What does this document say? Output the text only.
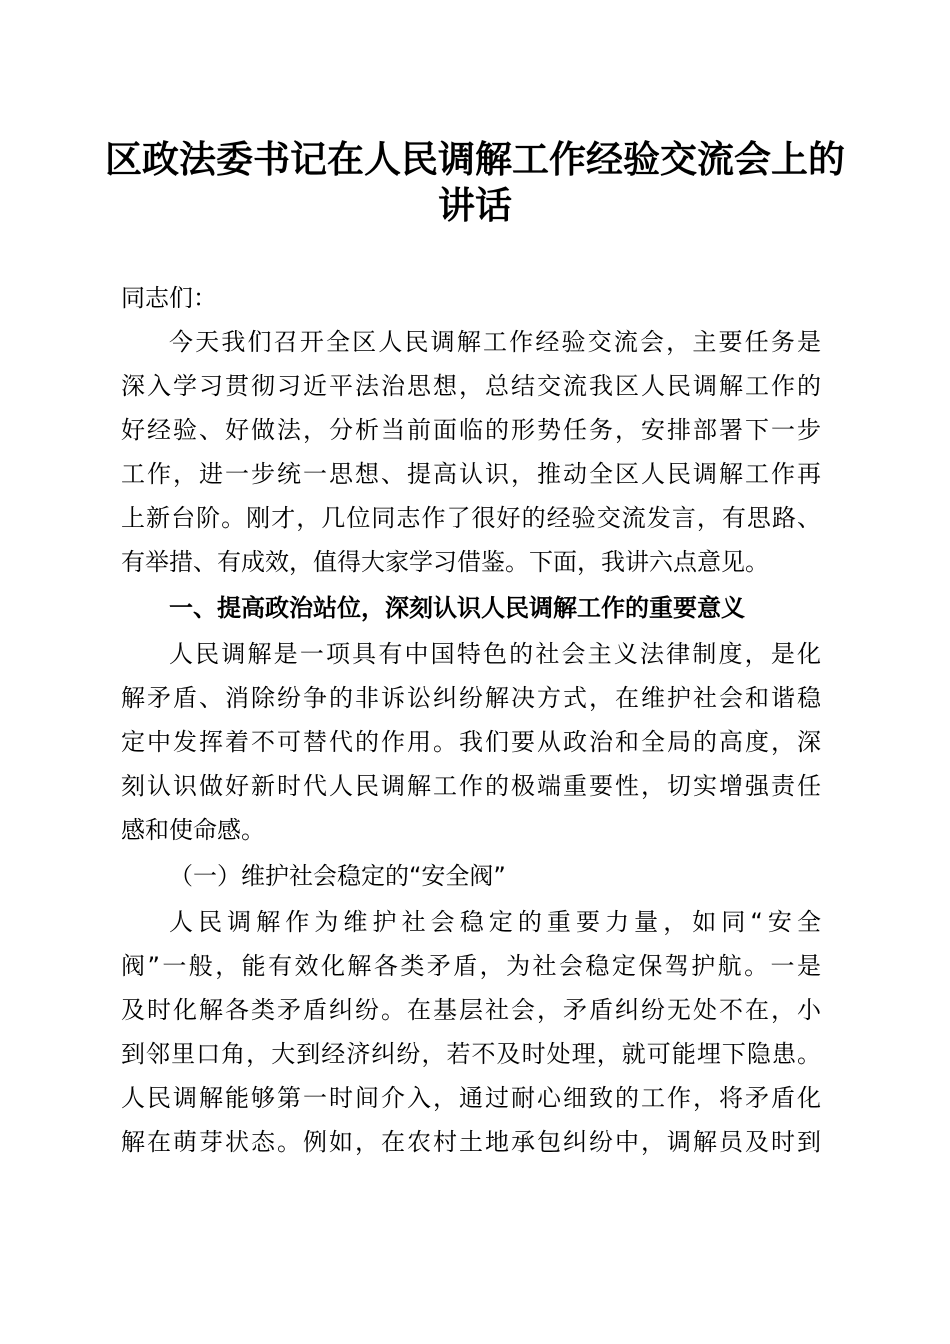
区政法委书记在人民调解工作经验交流会上的
讲话
同志们：
今天我们召开全区人民调解工作经验交流会，主要任务是
深入学习贯彻习近平法治思想，总结交流我区人民调解工作的
好经验、好做法，分析当前面临的形势任务，安排部署下一步
工作，进一步统一思想、提高认识，推动全区人民调解工作再
上新台阶。刚才，几位同志作了很好的经验交流发言，有思路、
有举措、有成效，值得大家学习借鉴。下面，我讲六点意见。
一、提高政治站位，深刻认识人民调解工作的重要意义
人民调解是一项具有中国特色的社会主义法律制度，是化
解矛盾、消除纷争的非诉讼纠纷解决方式，在维护社会和谐稳
定中发挥着不可替代的作用。我们要从政治和全局的高度，深
刻认识做好新时代人民调解工作的极端重要性，切实增强责任
感和使命感。
（一）维护社会稳定的“安全阀”
人民调解作为维护社会稳定的重要力量，如同“安全
阀”一般，能有效化解各类矛盾，为社会稳定保驾护航。一是
及时化解各类矛盾纠纷。在基层社会，矛盾纠纷无处不在，小
到邻里口角，大到经济纠纷，若不及时处理，就可能埋下隐患。
人民调解能够第一时间介入，通过耐心细致的工作，将矛盾化
解在萌芽状态。例如，在农村土地承包纠纷中，调解员及时到
